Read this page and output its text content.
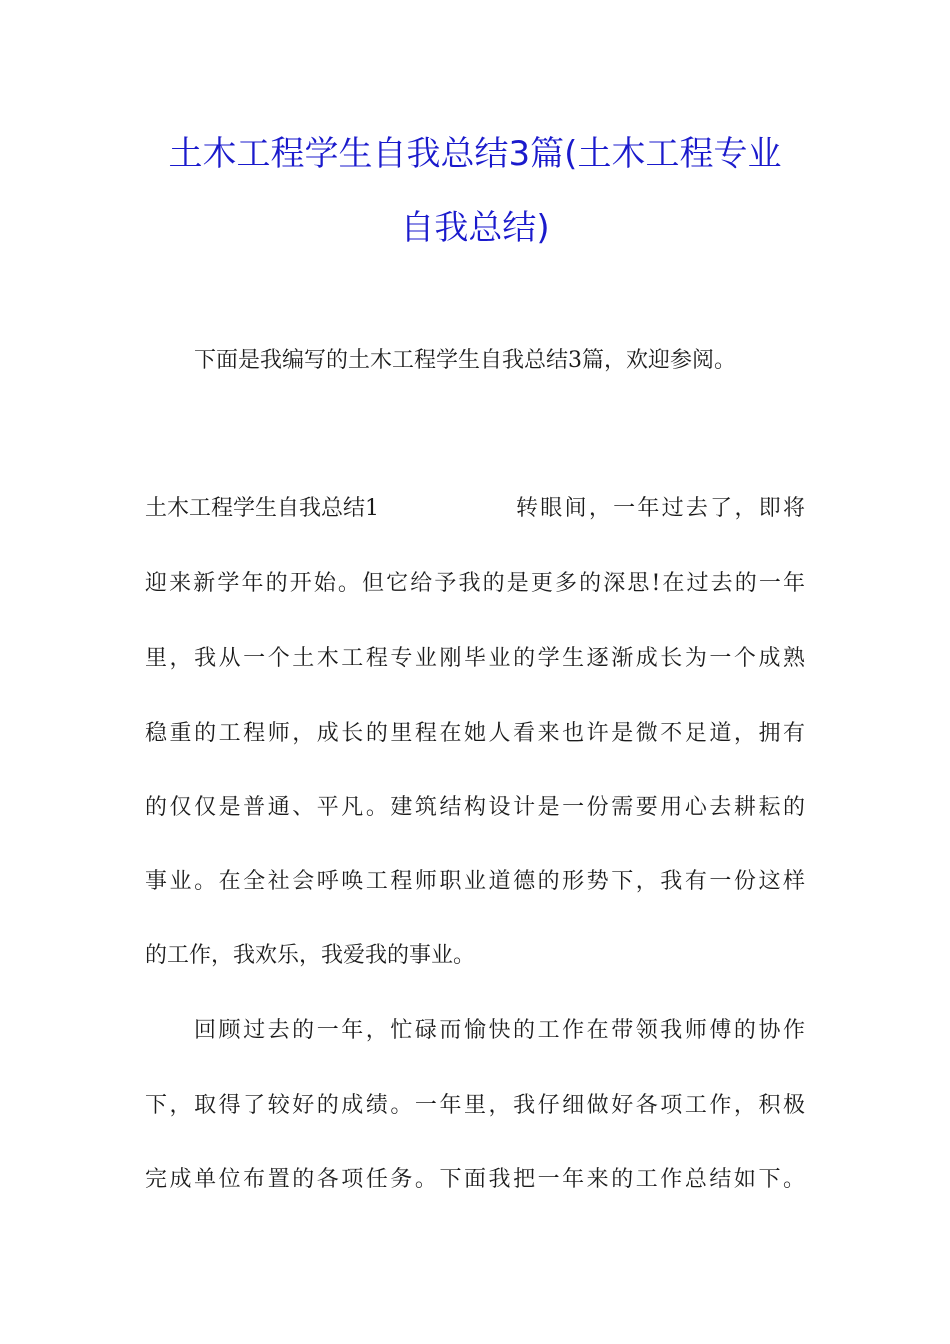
土木工程学生自我总结3篇(土木工程专业
自我总结)
下面是我编写的土木工程学生自我总结3篇，欢迎参阅。
土木工程学生自我总结1	转眼间，一年过去了，即将
迎来新学年的开始。但它给予我的是更多的深思!在过去的一年
里，我从一个土木工程专业刚毕业的学生逐渐成长为一个成熟
稳重的工程师，成长的里程在她人看来也许是微不足道，拥有
的仅仅是普通、平凡。建筑结构设计是一份需要用心去耕耘的
事业。在全社会呼唤工程师职业道德的形势下，我有一份这样
的工作，我欢乐，我爱我的事业。
回顾过去的一年，忙碌而愉快的工作在带领我师傅的协作
下，取得了较好的成绩。一年里，我仔细做好各项工作，积极
完成单位布置的各项任务。下面我把一年来的工作总结如下。
